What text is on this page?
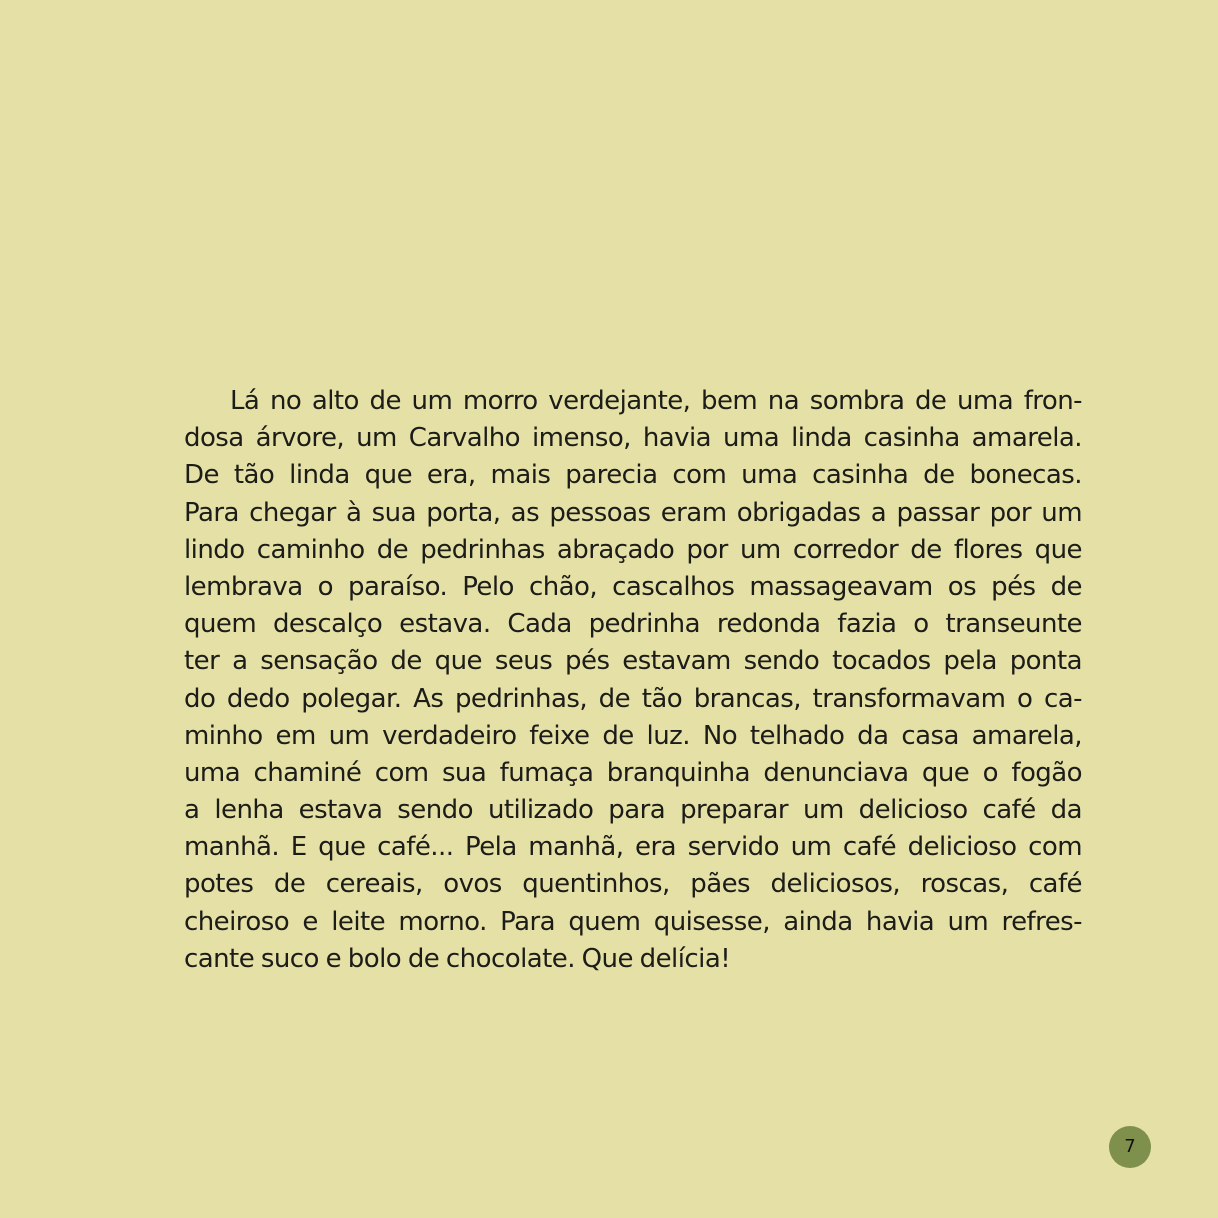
Lá no alto de um morro verdejante, bem na sombra de uma fron-
dosa árvore, um Carvalho imenso, havia uma linda casinha amarela.
De tão linda que era, mais parecia com uma casinha de bonecas.
Para chegar à sua porta, as pessoas eram obrigadas a passar por um
lindo caminho de pedrinhas abraçado por um corredor de flores que
lembrava o paraíso. Pelo chão, cascalhos massageavam os pés de
quem descalço estava. Cada pedrinha redonda fazia o transeunte
ter a sensação de que seus pés estavam sendo tocados pela ponta
do dedo polegar. As pedrinhas, de tão brancas, transformavam o ca-
minho em um verdadeiro feixe de luz. No telhado da casa amarela,
uma chaminé com sua fumaça branquinha denunciava que o fogão
a lenha estava sendo utilizado para preparar um delicioso café da
manhã. E que café... Pela manhã, era servido um café delicioso com
potes de cereais, ovos quentinhos, pães deliciosos, roscas, café
cheiroso e leite morno. Para quem quisesse, ainda havia um refres-
cante suco e bolo de chocolate. Que delícia!
7
